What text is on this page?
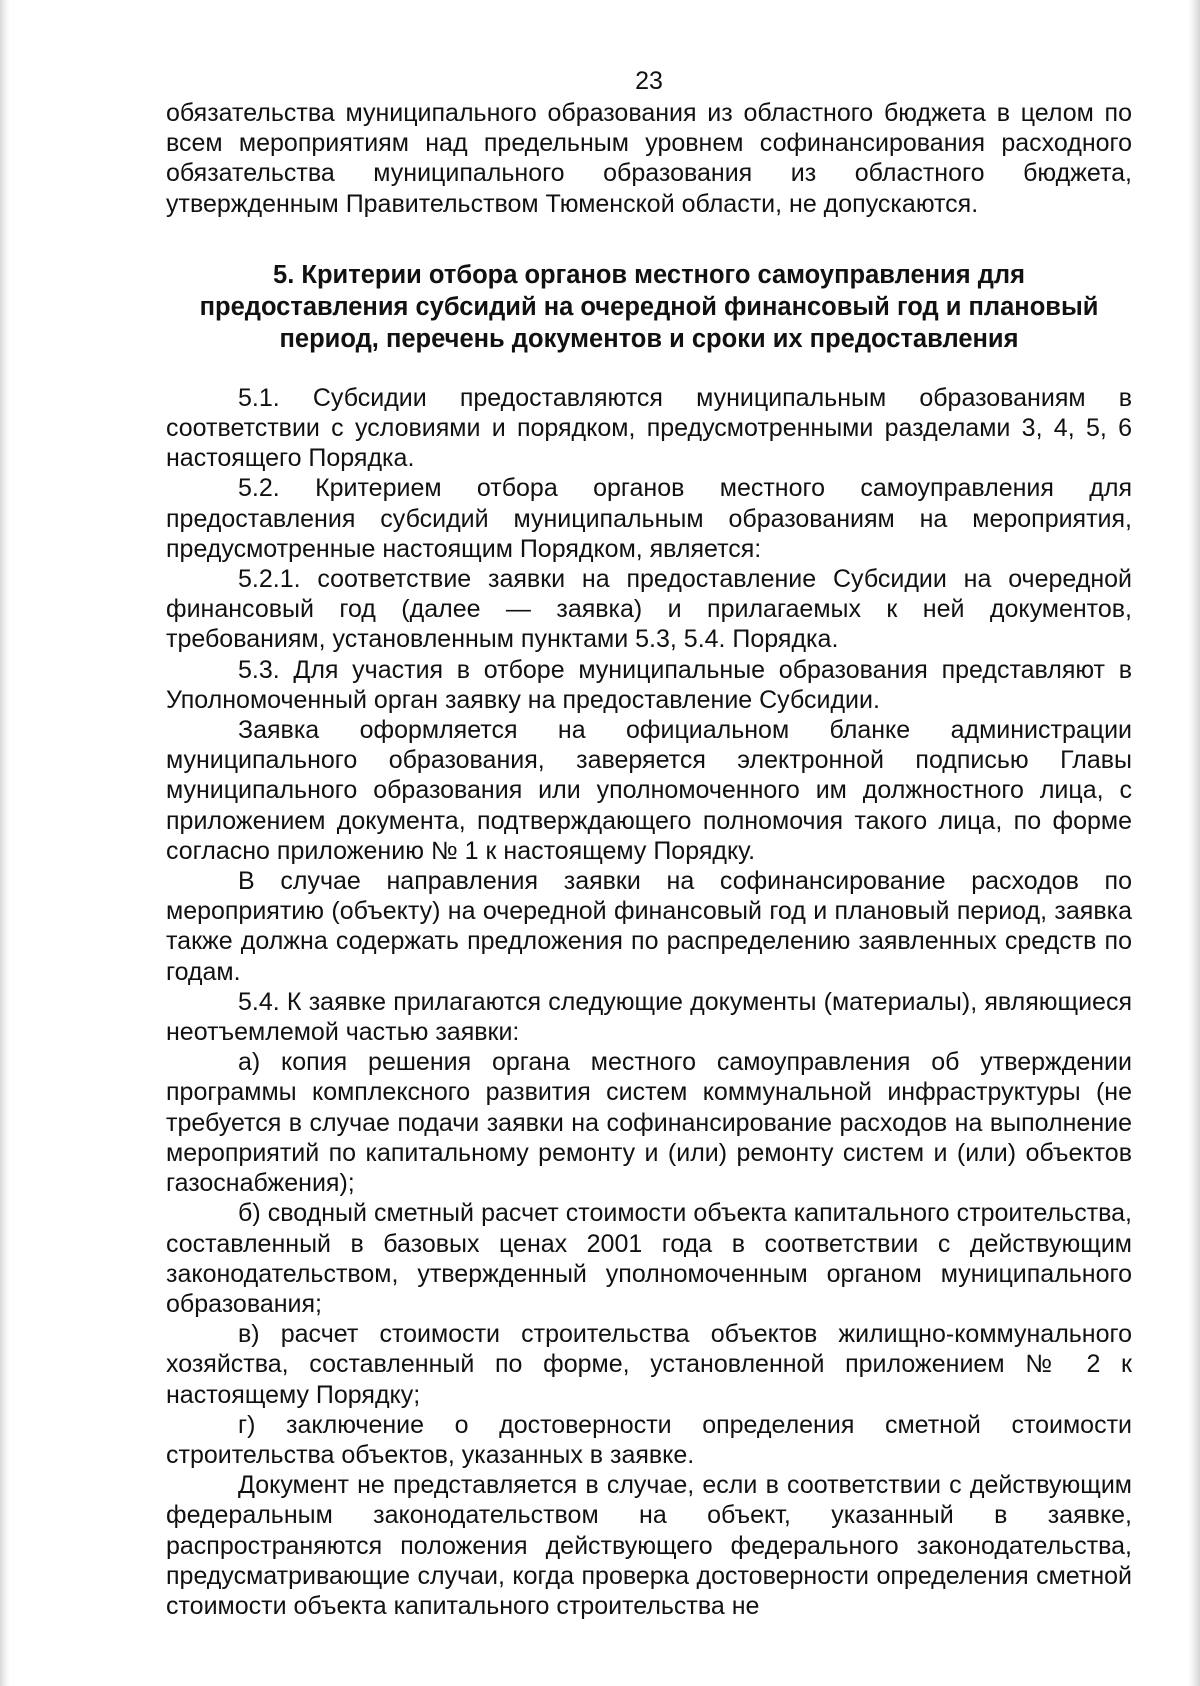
23

обязательства муниципального образования из областного бюджета в целом по всем мероприятиям над предельным уровнем софинансирования расходного обязательства муниципального образования из областного бюджета, утвержденным Правительством Тюменской области, не допускаются.

5. Критерии отбора органов местного самоуправления для предоставления субсидий на очередной финансовый год и плановый период, перечень документов и сроки их предоставления

5.1. Субсидии предоставляются муниципальным образованиям в соответствии с условиями и порядком, предусмотренными разделами 3, 4, 5, 6 настоящего Порядка.

5.2. Критерием отбора органов местного самоуправления для предоставления субсидий муниципальным образованиям на мероприятия, предусмотренные настоящим Порядком, является:

5.2.1. соответствие заявки на предоставление Субсидии на очередной финансовый год (далее — заявка) и прилагаемых к ней документов, требованиям, установленным пунктами 5.3, 5.4. Порядка.

5.3. Для участия в отборе муниципальные образования представляют в Уполномоченный орган заявку на предоставление Субсидии.

Заявка оформляется на официальном бланке администрации муниципального образования, заверяется электронной подписью Главы муниципального образования или уполномоченного им должностного лица, с приложением документа, подтверждающего полномочия такого лица, по форме согласно приложению № 1 к настоящему Порядку.

В случае направления заявки на софинансирование расходов по мероприятию (объекту) на очередной финансовый год и плановый период, заявка также должна содержать предложения по распределению заявленных средств по годам.

5.4. К заявке прилагаются следующие документы (материалы), являющиеся неотъемлемой частью заявки:

а) копия решения органа местного самоуправления об утверждении программы комплексного развития систем коммунальной инфраструктуры (не требуется в случае подачи заявки на софинансирование расходов на выполнение мероприятий по капитальному ремонту и (или) ремонту систем и (или) объектов газоснабжения);

б) сводный сметный расчет стоимости объекта капитального строительства, составленный в базовых ценах 2001 года в соответствии с действующим законодательством, утвержденный уполномоченным органом муниципального образования;

в) расчет стоимости строительства объектов жилищно-коммунального хозяйства, составленный по форме, установленной приложением № 2 к настоящему Порядку;

г) заключение о достоверности определения сметной стоимости строительства объектов, указанных в заявке.

Документ не представляется в случае, если в соответствии с действующим федеральным законодательством на объект, указанный в заявке, распространяются положения действующего федерального законодательства, предусматривающие случаи, когда проверка достоверности определения сметной стоимости объекта капитального строительства не
